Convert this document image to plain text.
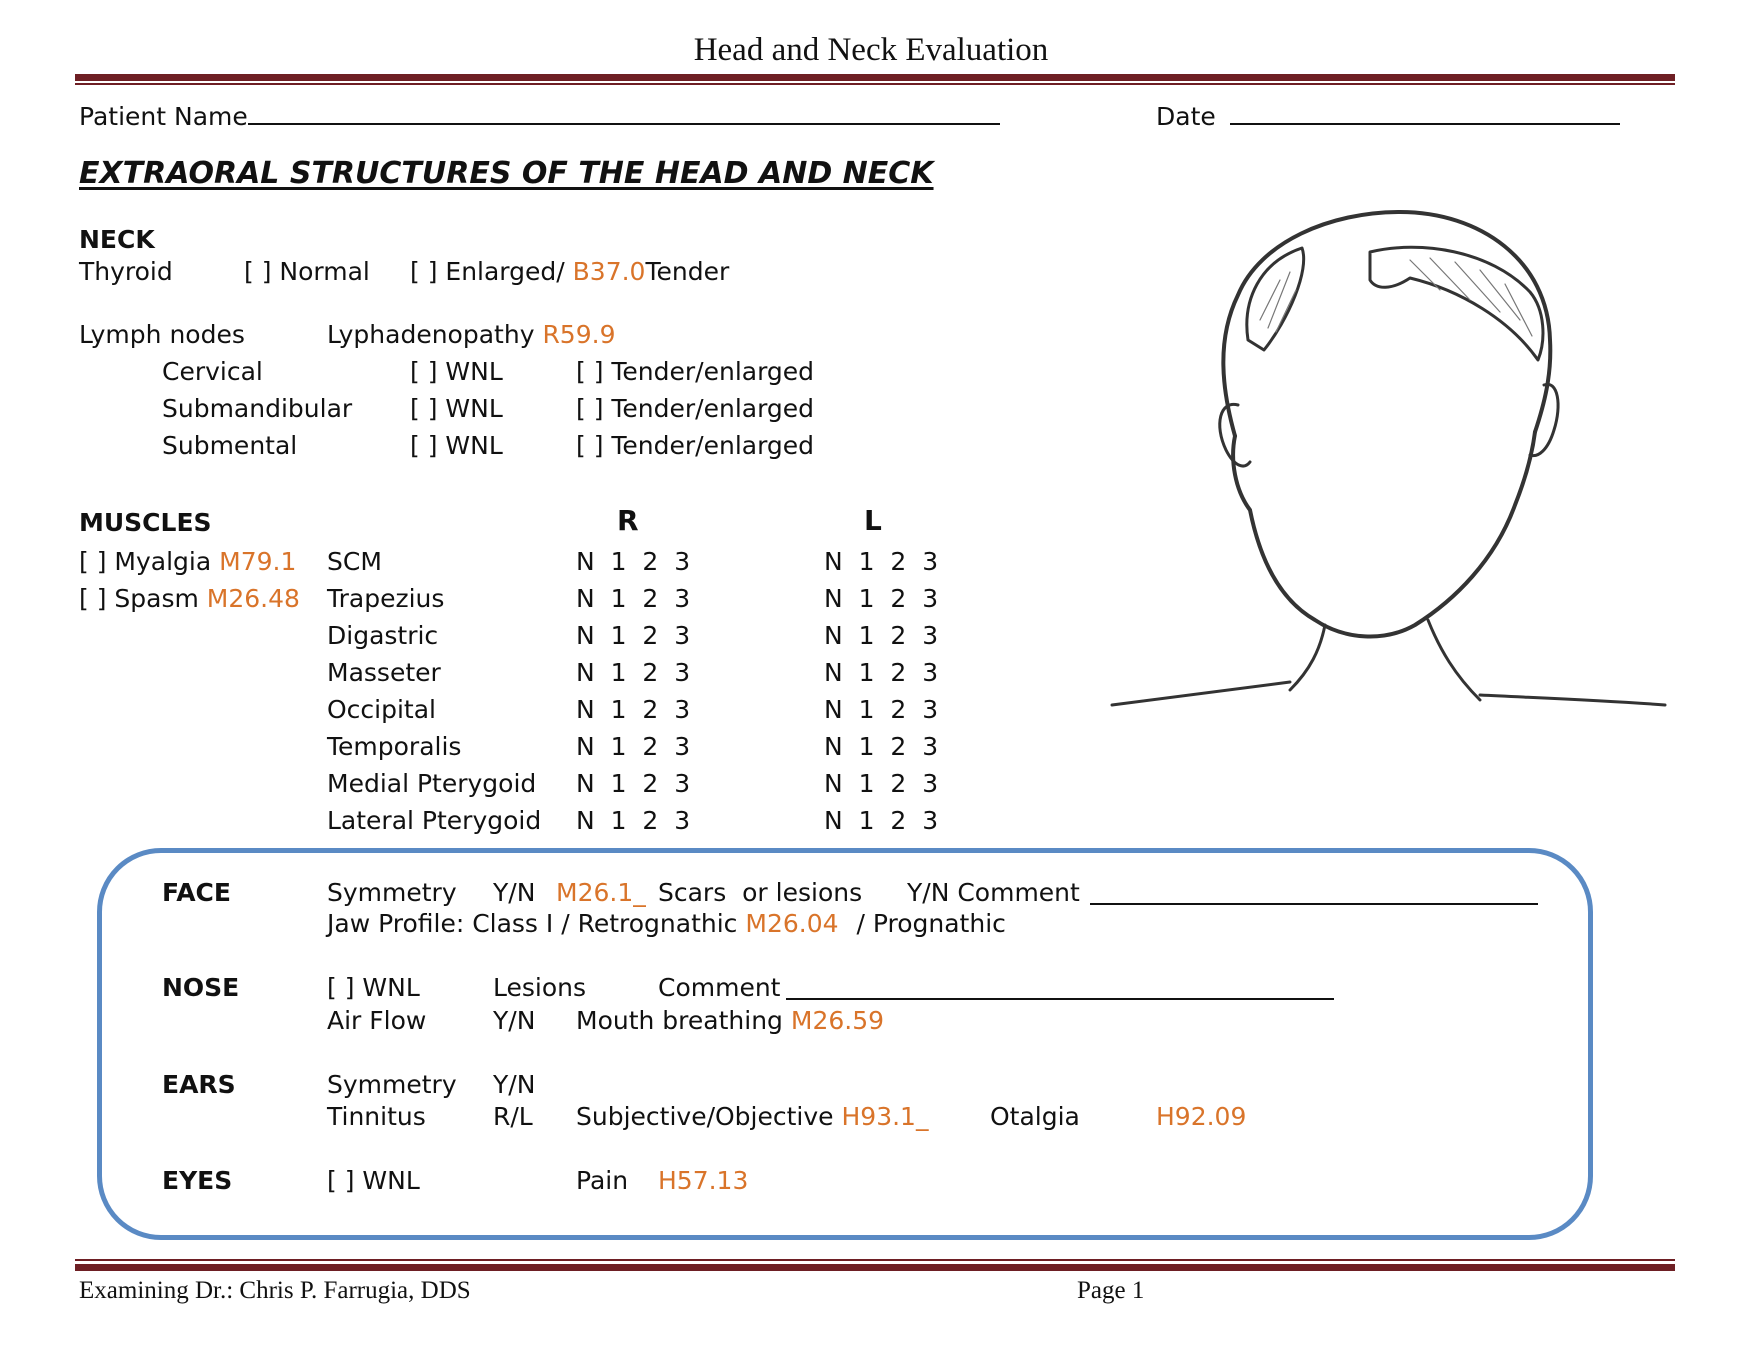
Head and Neck Evaluation
Patient Name	Date
EXTRAORAL STRUCTURES OF THE HEAD AND NECK
NECK
Thyroid	[ ] Normal [ ] Enlarged/ B37.0Tender
Lymph nodes	Lyphadenopathy R59.9
Cervical	[ ] WNL	[ ] Tender/enlarged
Submandibular [ ] WNL	[ ] Tender/enlarged
Submental	[ ] WNL	[ ] Tender/enlarged
MUSCLES	R	L
[ ] Myalgia M79.1
[ ] Spasm M26.48
SCM	N  1  2  3	N  1  2  3
Trapezius	N  1  2  3	N  1  2  3
Digastric	N  1  2  3	N  1  2  3
Masseter	N  1  2  3	N  1  2  3
Occipital	N  1  2  3	N  1  2  3
Temporalis	N  1  2  3	N  1  2  3
Medial Pterygoid N  1  2  3	N  1  2  3
Lateral Pterygoid N  1  2  3	N  1  2  3
FACE	Symmetry Y/N M26.1_ Scars  or lesions Y/N Comment
Jaw Profile: Class I / Retrognathic M26.04 / Prognathic
NOSE	[ ] WNL	Lesions	Comment
Air Flow	Y/N Mouth breathing M26.59
EARS	Symmetry Y/N
Tinnitus	R/L Subjective/Objective H93.1_ Otalgia	H92.09
EYES	[ ] WNL	Pain H57.13
Examining Dr.: Chris P. Farrugia, DDS	Page 1
